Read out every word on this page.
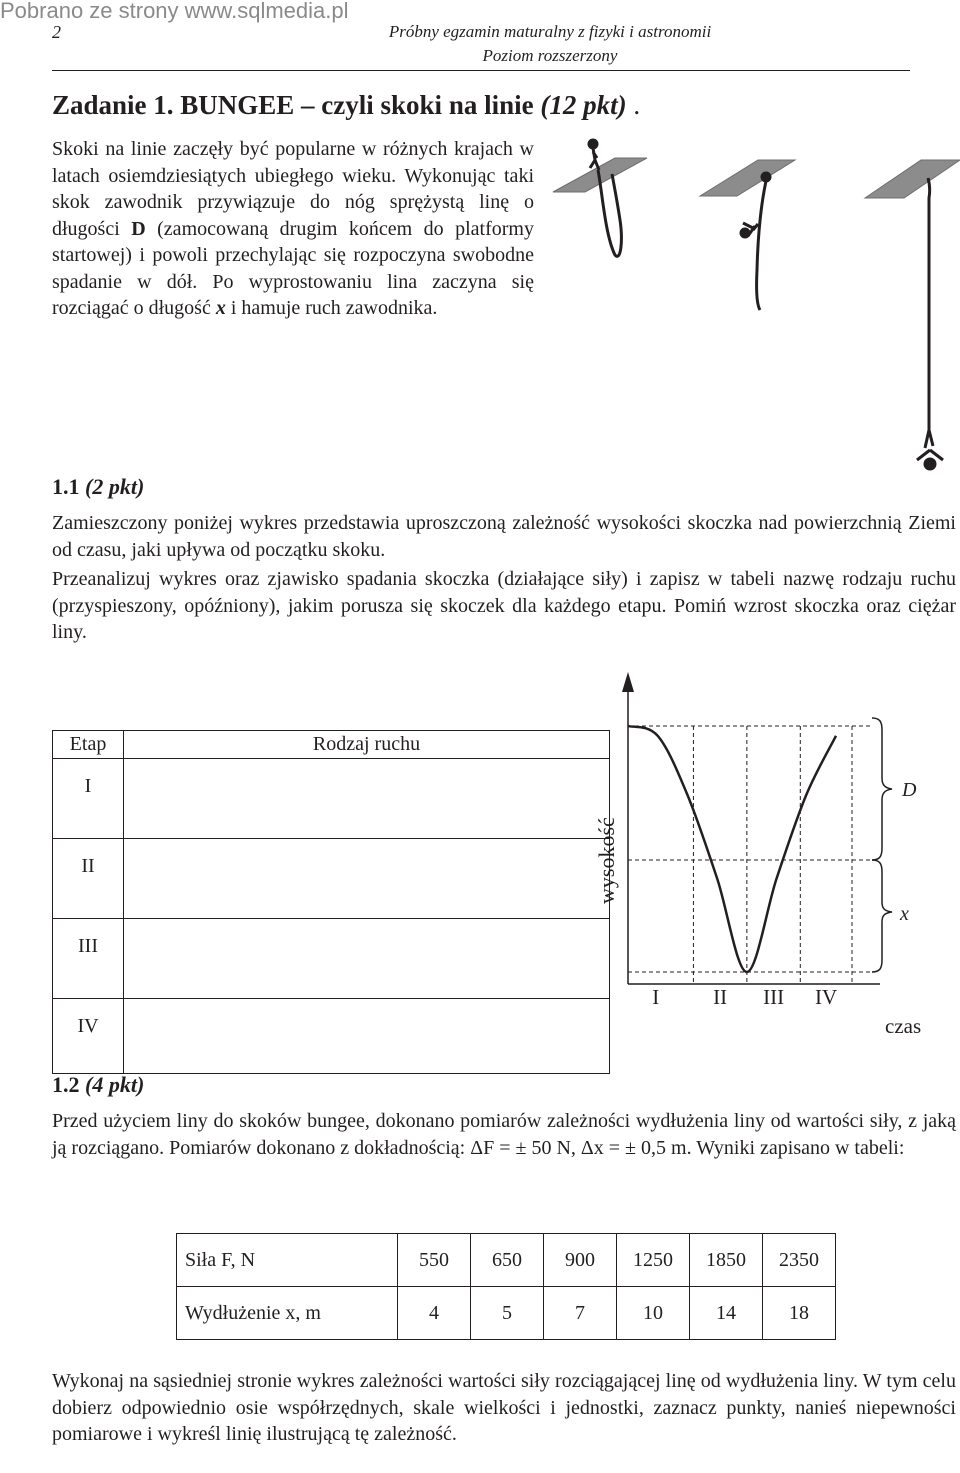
Pobrano ze strony www.sqlmedia.pl
2	Próbny egzamin maturalny z fizyki i astronomii
Poziom rozszerzony
Zadanie 1. BUNGEE – czyli skoki na linie (12 pkt) .
Skoki na linie zaczęły być popularne w różnych krajach w latach osiemdziesiątych ubiegłego wieku. Wykonując taki skok zawodnik przywiązuje do nóg sprężystą linę o długości D (zamocowaną drugim końcem do platformy startowej) i powoli przechylając się rozpoczyna swobodne spadanie w dół. Po wyprostowaniu lina zaczyna się rozciągać o długość x i hamuje ruch zawodnika.
1.1 (2 pkt)
Zamieszczony poniżej wykres przedstawia uproszczoną zależność wysokości skoczka nad powierzchnią Ziemi od czasu, jaki upływa od początku skoku.
Przeanalizuj wykres oraz zjawisko spadania skoczka (działające siły) i zapisz w tabeli nazwę rodzaju ruchu (przyspieszony, opóźniony), jakim porusza się skoczek dla każdego etapu. Pomiń wzrost skoczka oraz ciężar liny.
Etap	Rodzaj ruchu
I	
II	
III	
IV	
wysokość
czas
I	II III IV
D
x
1.2 (4 pkt)
Przed użyciem liny do skoków bungee, dokonano pomiarów zależności wydłużenia liny od wartości siły, z jaką ją rozciągano. Pomiarów dokonano z dokładnością: ΔF = ± 50 N, Δx = ± 0,5 m. Wyniki zapisano w tabeli:
Siła F, N	550	650	900	1250	1850	2350
Wydłużenie x, m	4	5	7	10	14	18
Wykonaj na sąsiedniej stronie wykres zależności wartości siły rozciągającej linę od wydłużenia liny. W tym celu dobierz odpowiednio osie współrzędnych, skale wielkości i jednostki, zaznacz punkty, nanieś niepewności pomiarowe i wykreśl linię ilustrującą tę zależność.
